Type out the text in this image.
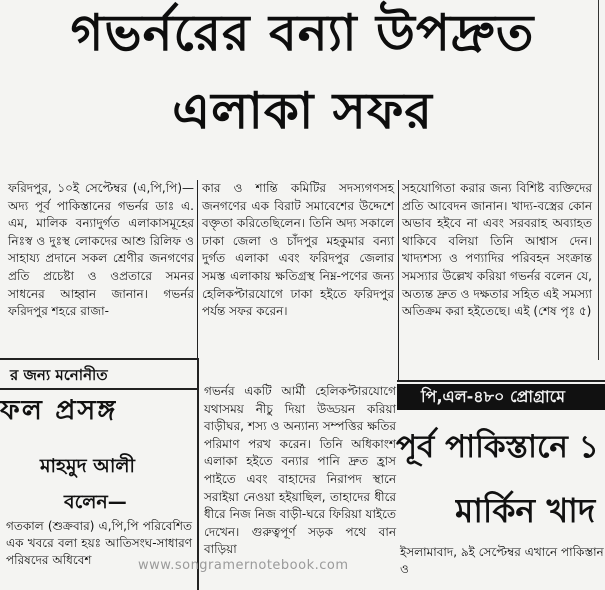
গভর্নরের বন্যা উপদ্রুত
এলাকা সফর
ফরিদপুর, ১০ই সেপ্টেম্বর (এ,পি,পি)—অদ্য পূর্ব পাকিস্তানের গভর্নর ডাঃ এ. এম, মালিক বন্যাদুর্গত এলাকাসমূহের নিঃস্ব ও দুঃস্থ লোকদের আশু রিলিফ ও সাহায্য প্রদানে সকল শ্রেণীর জনগণের প্রতি প্রচেষ্টা ও ওপ্রতারে সমনর সাধনের আহ্বান জানান। গভর্নর ফরিদপুর শহরে রাজা-
কার ও শান্তি কমিটির সদস্যগণসহ জনগণের এক বিরাট সমাবেশের উদ্দেশে বক্তৃতা করিতেছিলেন। তিনি অদ্য সকালে ঢাকা জেলা ও চাঁদপুর মহকুমার বন্যা দুর্গত এলাকা এবং ফরিদপুর জেলার সমস্ত এলাকায় ক্ষতিগ্রস্থ নিম্ন-পণের জন্য হেলিকপ্টারযোগে ঢাকা হইতে ফরিদপুর পর্যন্ত সফর করেন।
সহযোগিতা করার জন্য বিশিষ্ট ব্যক্তিদের প্রতি আবেদন জানান। খাদ্য-বস্ত্রের কোন অভাব হইবে না এবং সরবরাহ অব্যাহত থাকিবে বলিয়া তিনি আশ্বাস দেন। খাদ্যশস্য ও পণ্যাদির পরিবহন সংক্রান্ত সমস্যার উল্লেখ করিয়া গভর্নর বলেন যে, অত্যন্ত দ্রুত ও দক্ষতার সহিত এই সমস্যা অতিক্রম করা হইতেছে। এই (শেষ পৃঃ ৫)
গভর্নর একটি আর্মী হেলিকপ্টারযোগে যথাসময় নীচু দিয়া উড্ডয়ন করিয়া বাড়ীঘর, শস্য ও অন্যান্য সম্পত্তির ক্ষতির পরিমাণ পরখ করেন। তিনি অধিকাংশ এলাকা হইতে বন্যার পানি দ্রুত হ্রাস পাইতে এবং বাহাদের নিরাপদ স্থানে সরাইয়া নেওয়া হইয়াছিল, তাহাদের ধীরে ধীরে নিজ নিজ বাড়ী-ঘরে ফিরিয়া যাইতে দেখেন। গুরুত্বপূর্ণ সড়ক পথে বান বাড়িয়া
র জন্য মনোনীত
ফল প্রসঙ্গ
মাহমুদ আলী
বলেন—
গতকাল (শুক্রবার) এ,পি,পি পরিবেশিত এক খবরে বলা হয়ঃ আতিসংঘ-সাধারণ পরিষদের অধিবেশ
পি,এল-৪৮০ প্রোগ্রামে
পূর্ব পাকিস্তানে ১
মার্কিন খাদ
ইসলামাবাদ, ৯ই সেপ্টেম্বর এখানে পাকিস্তান ও
www.songramernotebook.com
